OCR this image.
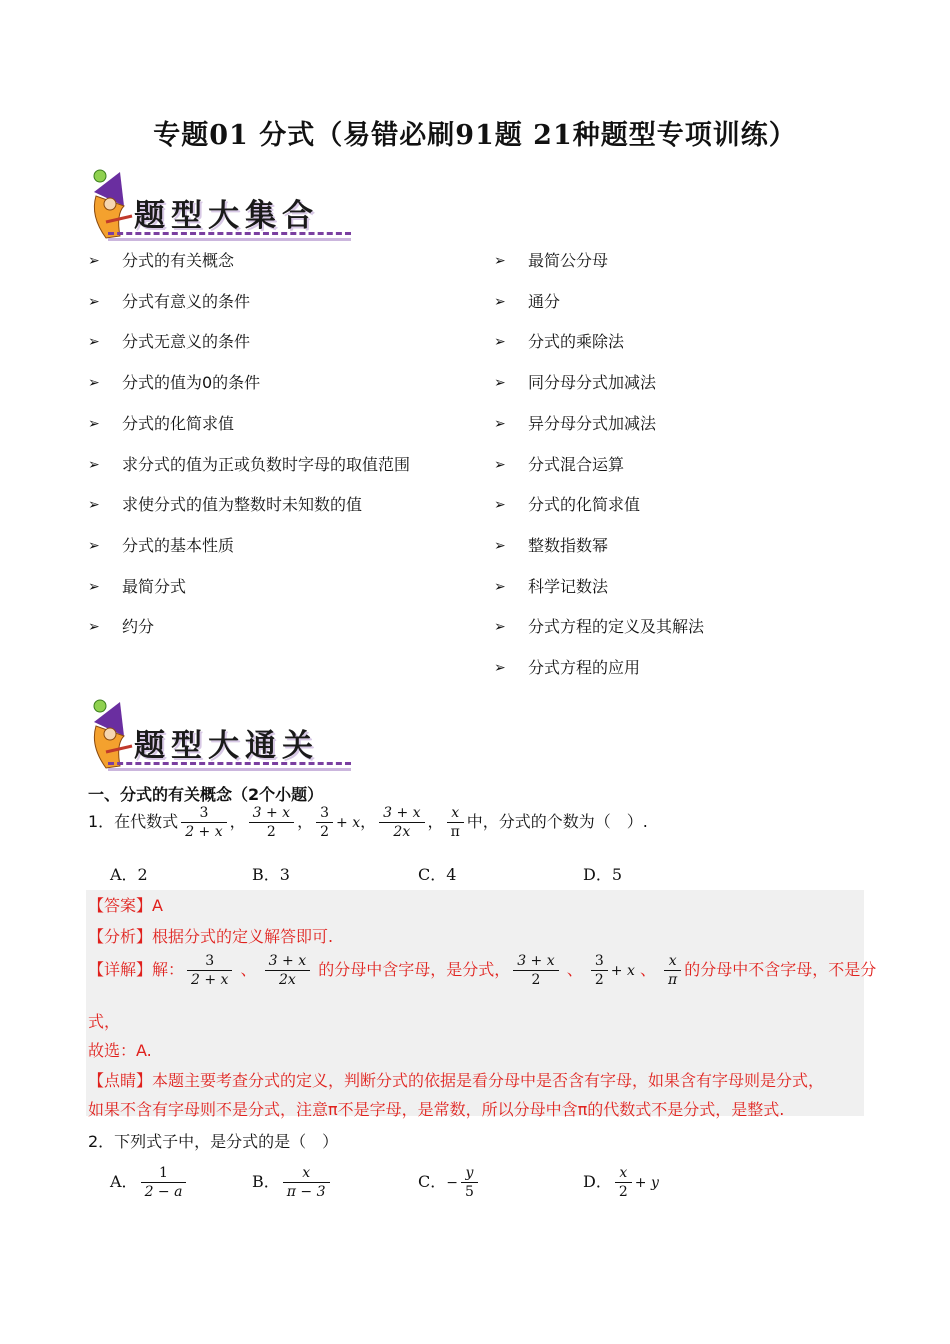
专题01 分式（易错必刷91题 21种题型专项训练）
题型大集合
➢ 分式的有关概念
➢ 分式有意义的条件
➢ 分式无意义的条件
➢ 分式的值为0的条件
➢ 分式的化简求值
➢ 求分式的值为正或负数时字母的取值范围
➢ 求使分式的值为整数时未知数的值
➢ 分式的基本性质
➢ 最简分式
➢ 约分
➢ 最简公分母
➢ 通分
➢ 分式的乘除法
➢ 同分母分式加减法
➢ 异分母分式加减法
➢ 分式混合运算
➢ 分式的化简求值
➢ 整数指数幂
➢ 科学记数法
➢ 分式方程的定义及其解法
➢ 分式方程的应用
题型大通关
一、分式的有关概念（2个小题）
1．在代数式 $\frac{3}{2 + x}$ ， $\frac{3 + x}{2}$ ， $\frac{3}{2} + x$， $\frac{3 + x}{2x}$ ， $\frac{x}{\pi}$ 中，分式的个数为（　）.
A．2	B．3	C．4	D．5
【答案】A
【分析】根据分式的定义解答即可.
【详解】解： $\frac{3}{2 + x}$ 、 $\frac{3 + x}{2x}$ 的分母中含字母，是分式， $\frac{3 + x}{2}$ 、 $\frac{3}{2} + x$ 、 $\frac{x}{\pi}$ 的分母中不含字母，不是分
式，
故选：A.
【点睛】本题主要考查分式的定义，判断分式的依据是看分母中是否含有字母，如果含有字母则是分式，
如果不含有字母则不是分式，注意π不是字母，是常数，所以分母中含π的代数式不是分式，是整式.
2．下列式子中，是分式的是（　）
A． $\frac{1}{2 - a}$	B． $\frac{x}{\pi - 3}$	C．− $\frac{y}{5}$	D． $\frac{x}{2} + y$
